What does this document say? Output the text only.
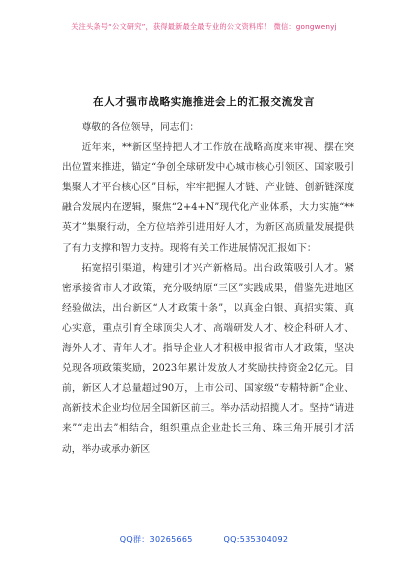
关注头条号“公文研究”，获得最新最全最专业的公文资料库！ 微信：gongwenyj
在人才强市战略实施推进会上的汇报交流发言

尊敬的各位领导，同志们：

近年来，**新区坚持把人才工作放在战略高度来审视、摆在突出位置来推进，锚定“争创全球研发中心城市核心引领区、国家吸引集聚人才平台核心区”目标，牢牢把握人才链、产业链、创新链深度融合发展内在逻辑，聚焦“2+4+N”现代化产业体系，大力实施“**英才”集聚行动，全方位培养引进用好人才，为新区高质量发展提供了有力支撑和智力支持。现将有关工作进展情况汇报如下：

拓宽招引渠道，构建引才兴产新格局。出台政策吸引人才。紧密承接省市人才政策，充分吸纳原“三区”实践成果，借鉴先进地区经验做法，出台新区“人才政策十条”，以真金白银、真招实策、真心实意，重点引育全球顶尖人才、高端研发人才、校企科研人才、海外人才、青年人才。指导企业人才积极申报省市人才政策，坚决兑现各项政策奖励，2023年累计发放人才奖励扶持资金2亿元。目前，新区人才总量超过90万，上市公司、国家级“专精特新”企业、高新技术企业均位居全国新区前三。举办活动招揽人才。坚持“请进来”“走出去”相结合，组织重点企业赴长三角、珠三角开展引才活动，举办或承办新区

QQ群：30265665	QQ:535304092
